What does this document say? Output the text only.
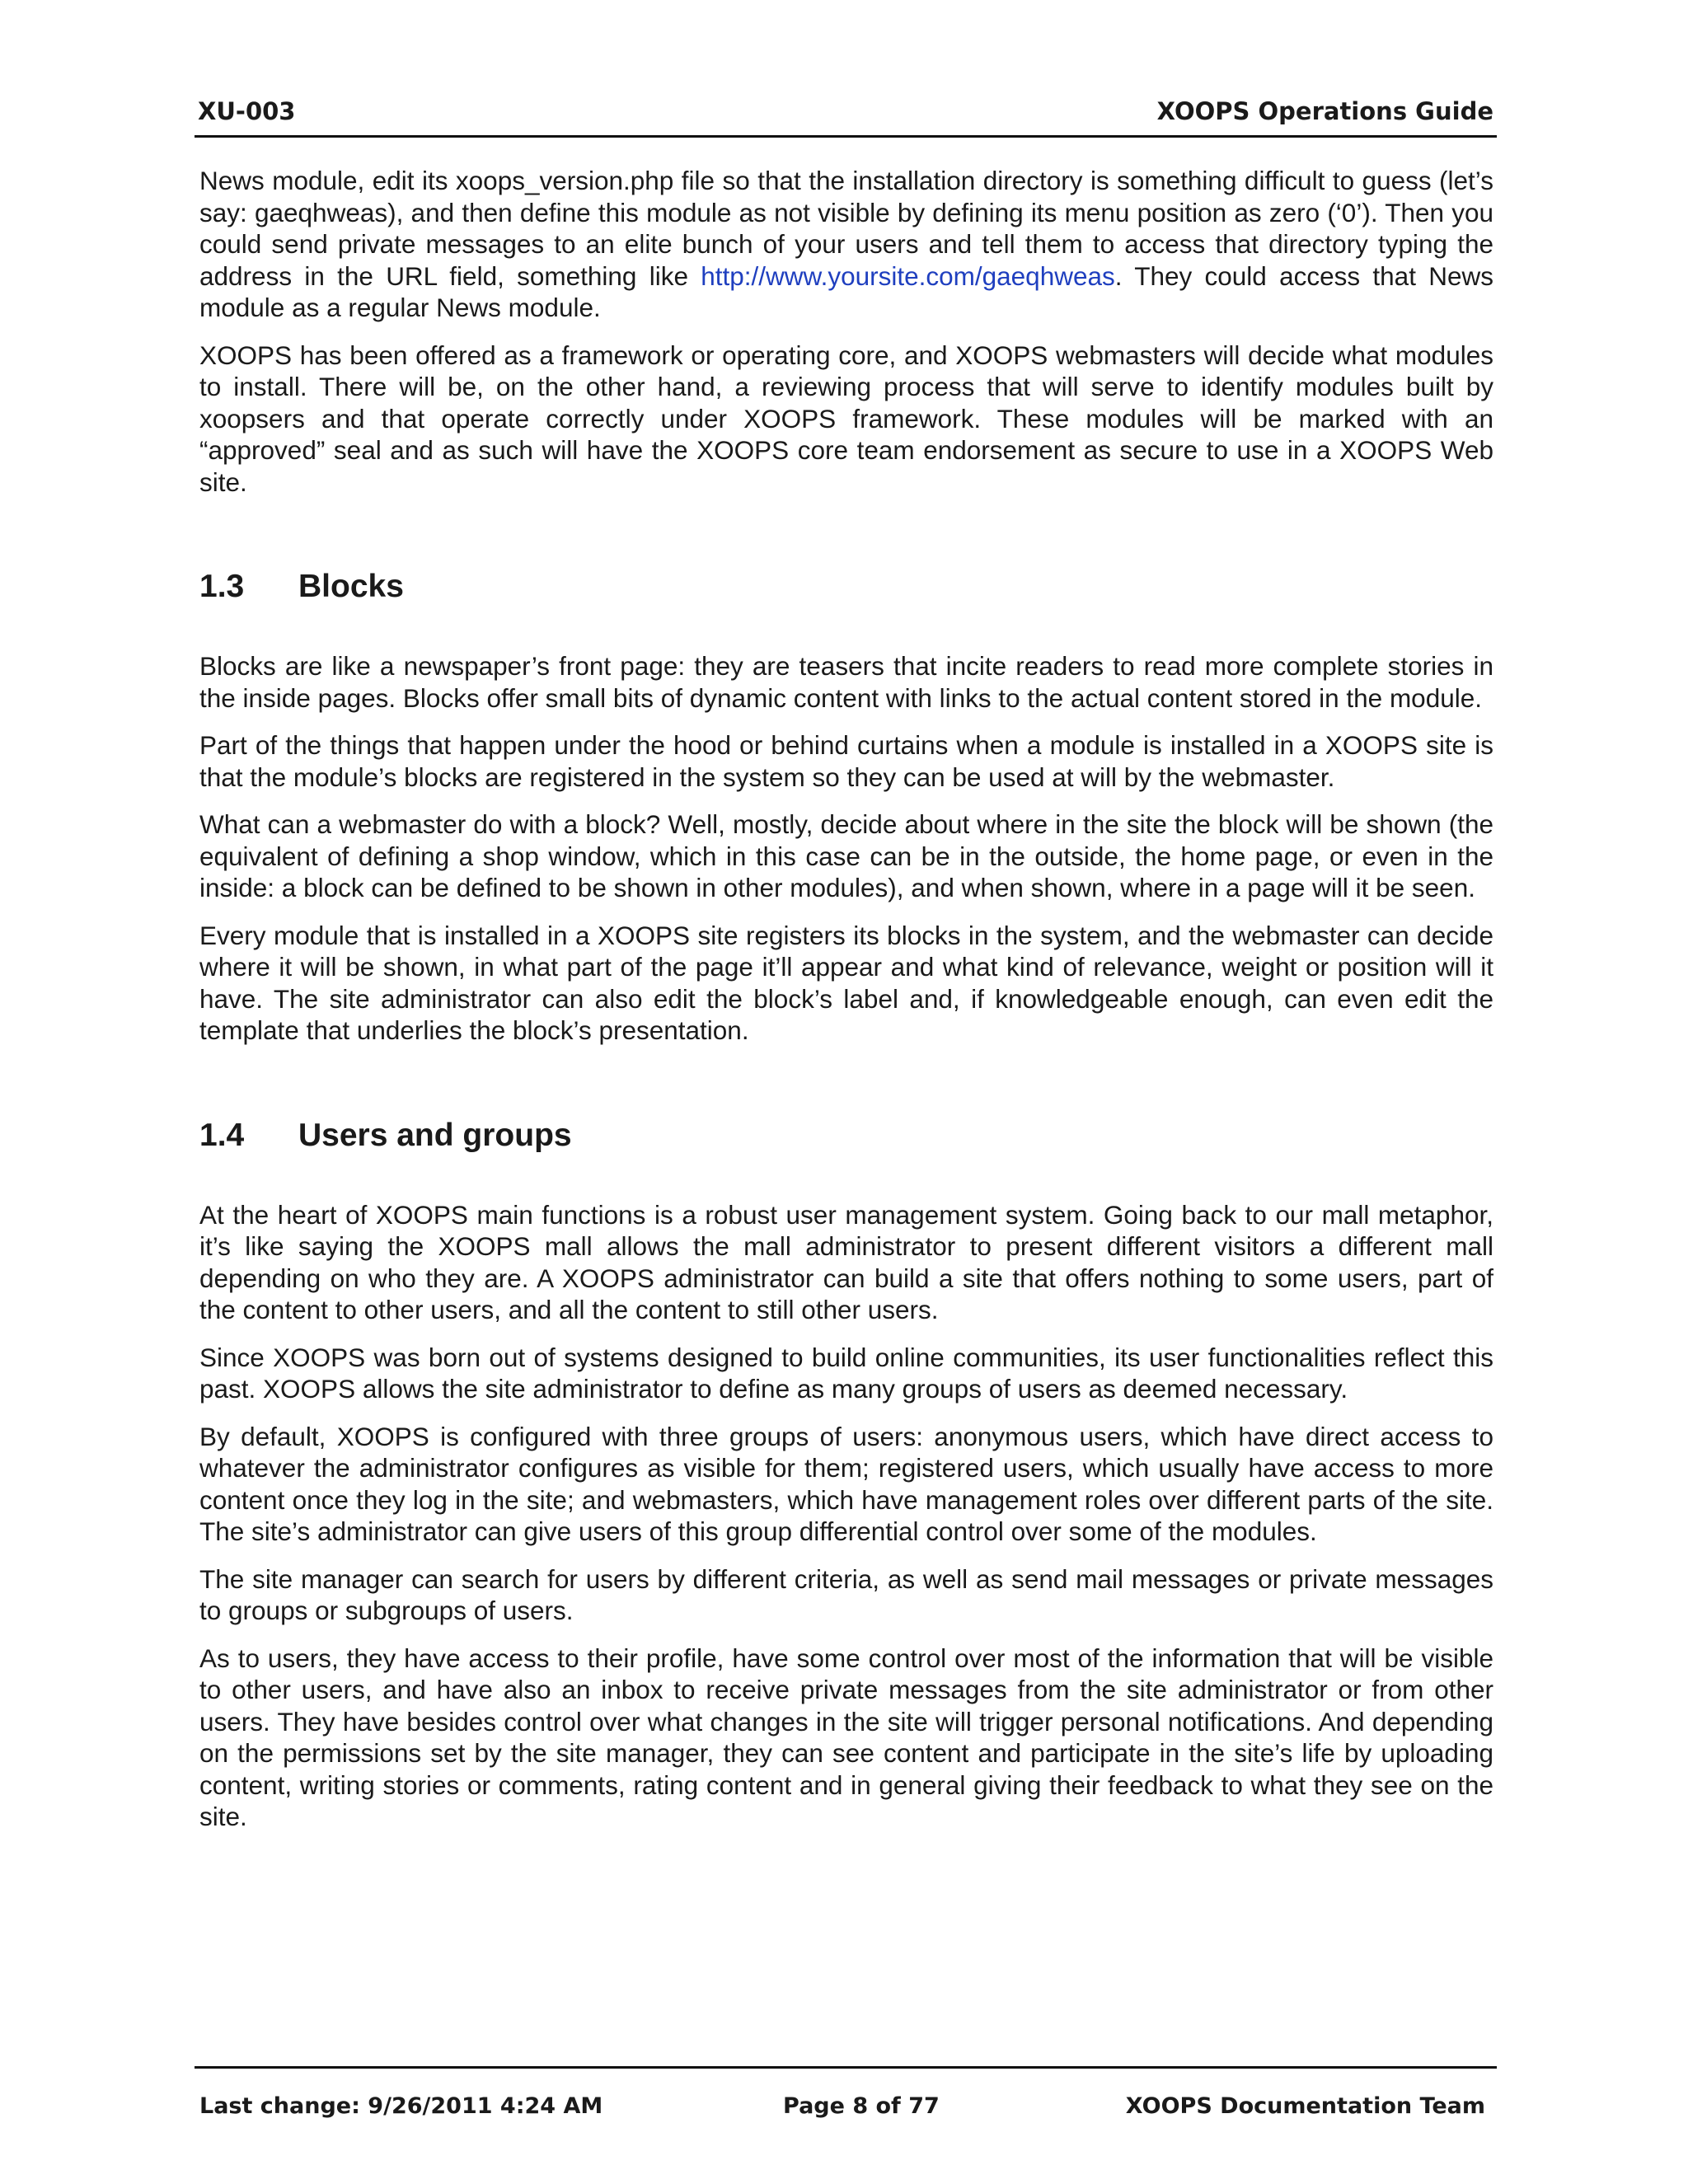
XU-003	XOOPS Operations Guide

News module, edit its xoops_version.php file so that the installation directory is something difficult to guess (let’s say: gaeqhweas), and then define this module as not visible by defining its menu position as zero (‘0’). Then you could send private messages to an elite bunch of your users and tell them to access that directory typing the address in the URL field, something like http://www.yoursite.com/gaeqhweas. They could access that News module as a regular News module.

XOOPS has been offered as a framework or operating core, and XOOPS webmasters will decide what modules to install. There will be, on the other hand, a reviewing process that will serve to identify modules built by xoopsers and that operate correctly under XOOPS framework. These modules will be marked with an “approved” seal and as such will have the XOOPS core team endorsement as secure to use in a XOOPS Web site.

1.3 Blocks

Blocks are like a newspaper’s front page: they are teasers that incite readers to read more complete stories in the inside pages. Blocks offer small bits of dynamic content with links to the actual content stored in the module.

Part of the things that happen under the hood or behind curtains when a module is installed in a XOOPS site is that the module’s blocks are registered in the system so they can be used at will by the webmaster.

What can a webmaster do with a block? Well, mostly, decide about where in the site the block will be shown (the equivalent of defining a shop window, which in this case can be in the outside, the home page, or even in the inside: a block can be defined to be shown in other modules), and when shown, where in a page will it be seen.

Every module that is installed in a XOOPS site registers its blocks in the system, and the webmaster can decide where it will be shown, in what part of the page it’ll appear and what kind of relevance, weight or position will it have. The site administrator can also edit the block’s label and, if knowledgeable enough, can even edit the template that underlies the block’s presentation.

1.4 Users and groups

At the heart of XOOPS main functions is a robust user management system. Going back to our mall metaphor, it’s like saying the XOOPS mall allows the mall administrator to present different visitors a different mall depending on who they are. A XOOPS administrator can build a site that offers nothing to some users, part of the content to other users, and all the content to still other users.

Since XOOPS was born out of systems designed to build online communities, its user functionalities reflect this past. XOOPS allows the site administrator to define as many groups of users as deemed necessary.

By default, XOOPS is configured with three groups of users: anonymous users, which have direct access to whatever the administrator configures as visible for them; registered users, which usually have access to more content once they log in the site; and webmasters, which have management roles over different parts of the site. The site’s administrator can give users of this group differential control over some of the modules.

The site manager can search for users by different criteria, as well as send mail messages or private messages to groups or subgroups of users.

As to users, they have access to their profile, have some control over most of the information that will be visible to other users, and have also an inbox to receive private messages from the site administrator or from other users. They have besides control over what changes in the site will trigger personal notifications. And depending on the permissions set by the site manager, they can see content and participate in the site’s life by uploading content, writing stories or comments, rating content and in general giving their feedback to what they see on the site.

Last change: 9/26/2011 4:24 AM	Page 8 of 77	XOOPS Documentation Team
